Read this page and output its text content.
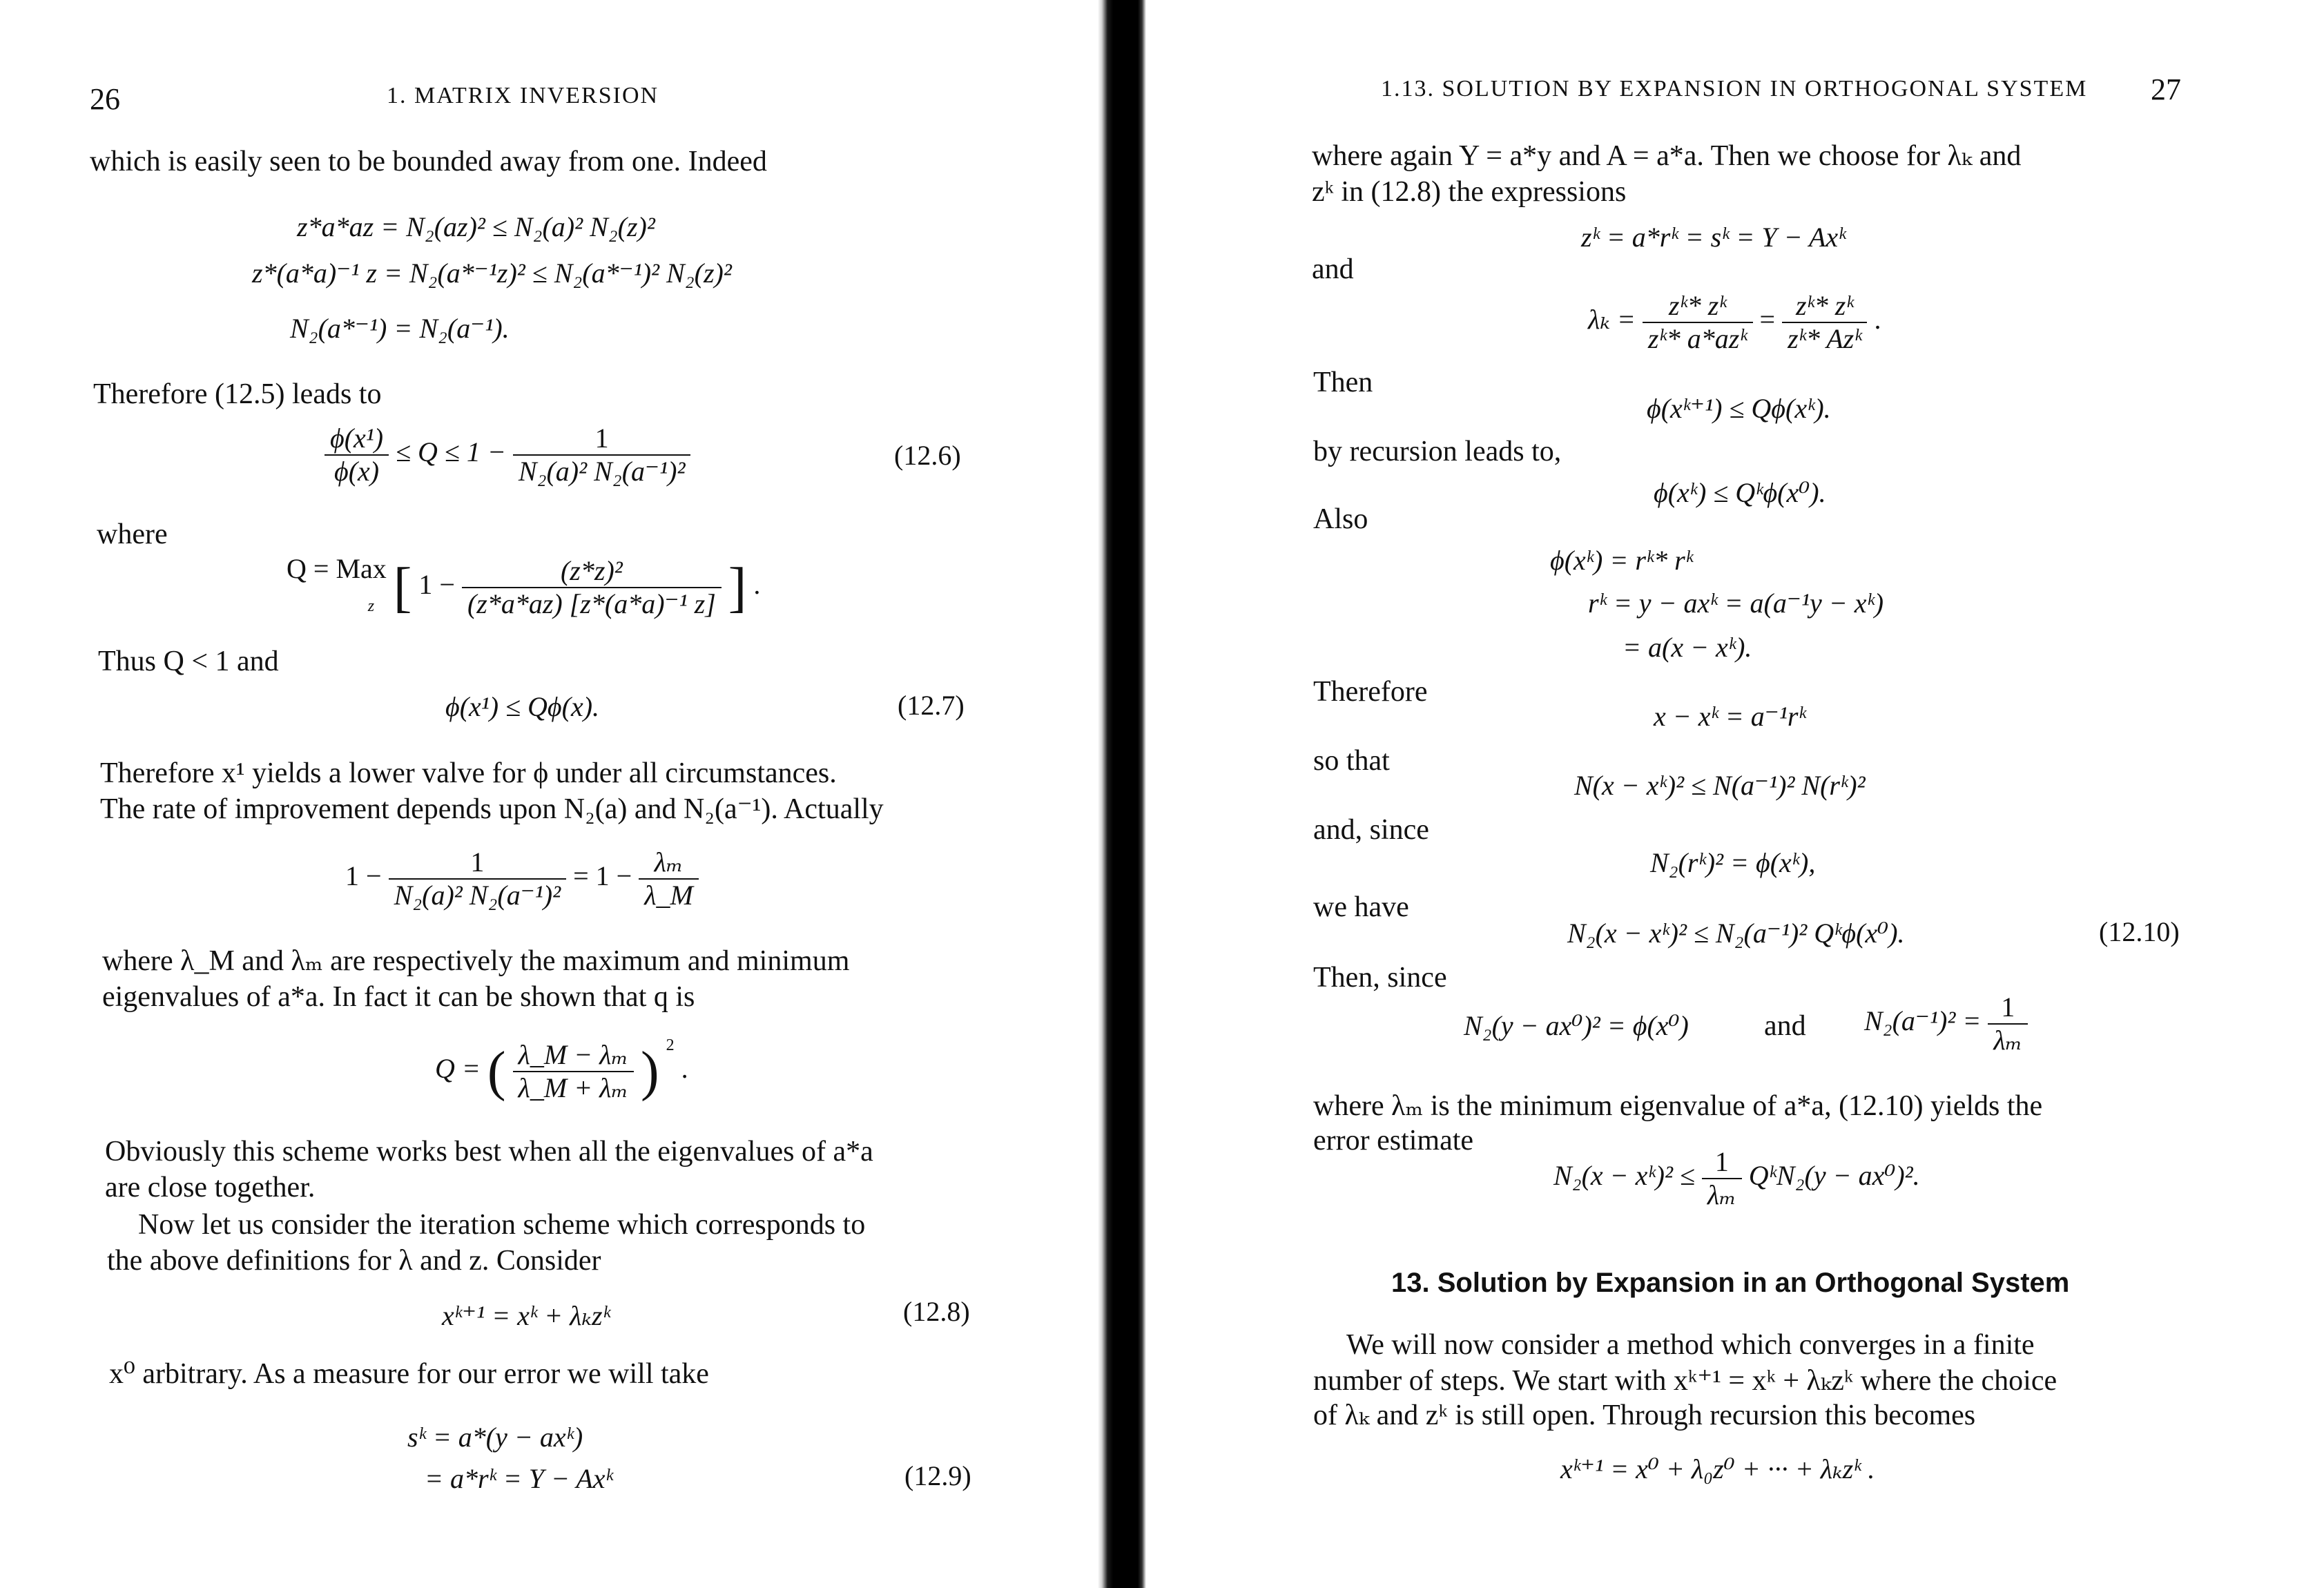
26	1. MATRIX INVERSION
which is easily seen to be bounded away from one. Indeed
z*a*az = N₂(az)² ≤ N₂(a)² N₂(z)²
z*(a*a)⁻¹ z = N₂(a*⁻¹z)² ≤ N₂(a*⁻¹)² N₂(z)²
N₂(a*⁻¹) = N₂(a⁻¹).
Therefore (12.5) leads to
$\frac{\text{ϕ(x¹)}}{\phi(x)} \le Q \le 1 - \frac{1}{\text{N₂(a)² N₂(a⁻¹)²}}$	(12.6)
where
Q = Max
z [ $1 - \frac{\text{(z*z)²}}{\text{(z*a*az) [z*(a*a)⁻¹ z]}}$ ] .
Thus Q < 1 and
ϕ(x¹) ≤ Qϕ(x).	(12.7)
Therefore x¹ yields a lower valve for ϕ under all circumstances.
The rate of improvement depends upon N₂(a) and N₂(a⁻¹). Actually
$1 - \frac{1}{\text{N₂(a)² N₂(a⁻¹)²}} = 1 - \frac{\text{λₘ}}{\lambda\_M}$
where λ_M and λₘ are respectively the maximum and minimum
eigenvalues of a*a. In fact it can be shown that q is
Q = ( $\frac{\text{λ\_M − λₘ}}{\text{λ\_M + λₘ}}$ ) $^2$ .
Obviously this scheme works best when all the eigenvalues of a*a
are close together.
Now let us consider the iteration scheme which corresponds to
the above definitions for λ and z. Consider
xᵏ⁺¹ = xᵏ + λₖzᵏ	(12.8)
x⁰ arbitrary. As a measure for our error we will take
sᵏ = a*(y − axᵏ)
= a*rᵏ = Y − Axᵏ	(12.9)
1.13. SOLUTION BY EXPANSION IN ORTHOGONAL SYSTEM 27
where again Y = a*y and A = a*a. Then we choose for λₖ and
zᵏ in (12.8) the expressions
zᵏ = a*rᵏ = sᵏ = Y − Axᵏ
and
$\lambda_k = \frac{\text{zᵏ* zᵏ}}{\text{zᵏ* a*azᵏ}} = \frac{\text{zᵏ* zᵏ}}{\text{zᵏ* Azᵏ}}$ .
Then
ϕ(xᵏ⁺¹) ≤ Qϕ(xᵏ).
by recursion leads to,
ϕ(xᵏ) ≤ Qᵏϕ(x⁰).
Also
ϕ(xᵏ) = rᵏ* rᵏ
rᵏ = y − axᵏ = a(a⁻¹y − xᵏ)
= a(x − xᵏ).
Therefore
x − xᵏ = a⁻¹rᵏ
so that
N(x − xᵏ)² ≤ N(a⁻¹)² N(rᵏ)²
and, since
N₂(rᵏ)² = ϕ(xᵏ),
we have
N₂(x − xᵏ)² ≤ N₂(a⁻¹)² Qᵏϕ(x⁰).	(12.10)
Then, since
N₂(y − ax⁰)² = ϕ(x⁰)	and $N_2(a^{-1})^2 = \frac{1}{\text{λₘ}}$
where λₘ is the minimum eigenvalue of a*a, (12.10) yields the
error estimate
N₂(x − xᵏ)² ≤ $\frac{1}{\text{λₘ}}$ QᵏN₂(y − ax⁰)².
13. Solution by Expansion in an Orthogonal System
We will now consider a method which converges in a finite
number of steps. We start with xᵏ⁺¹ = xᵏ + λₖzᵏ where the choice
of λₖ and zᵏ is still open. Through recursion this becomes
xᵏ⁺¹ = x⁰ + λ₀z⁰ + ··· + λₖzᵏ .
